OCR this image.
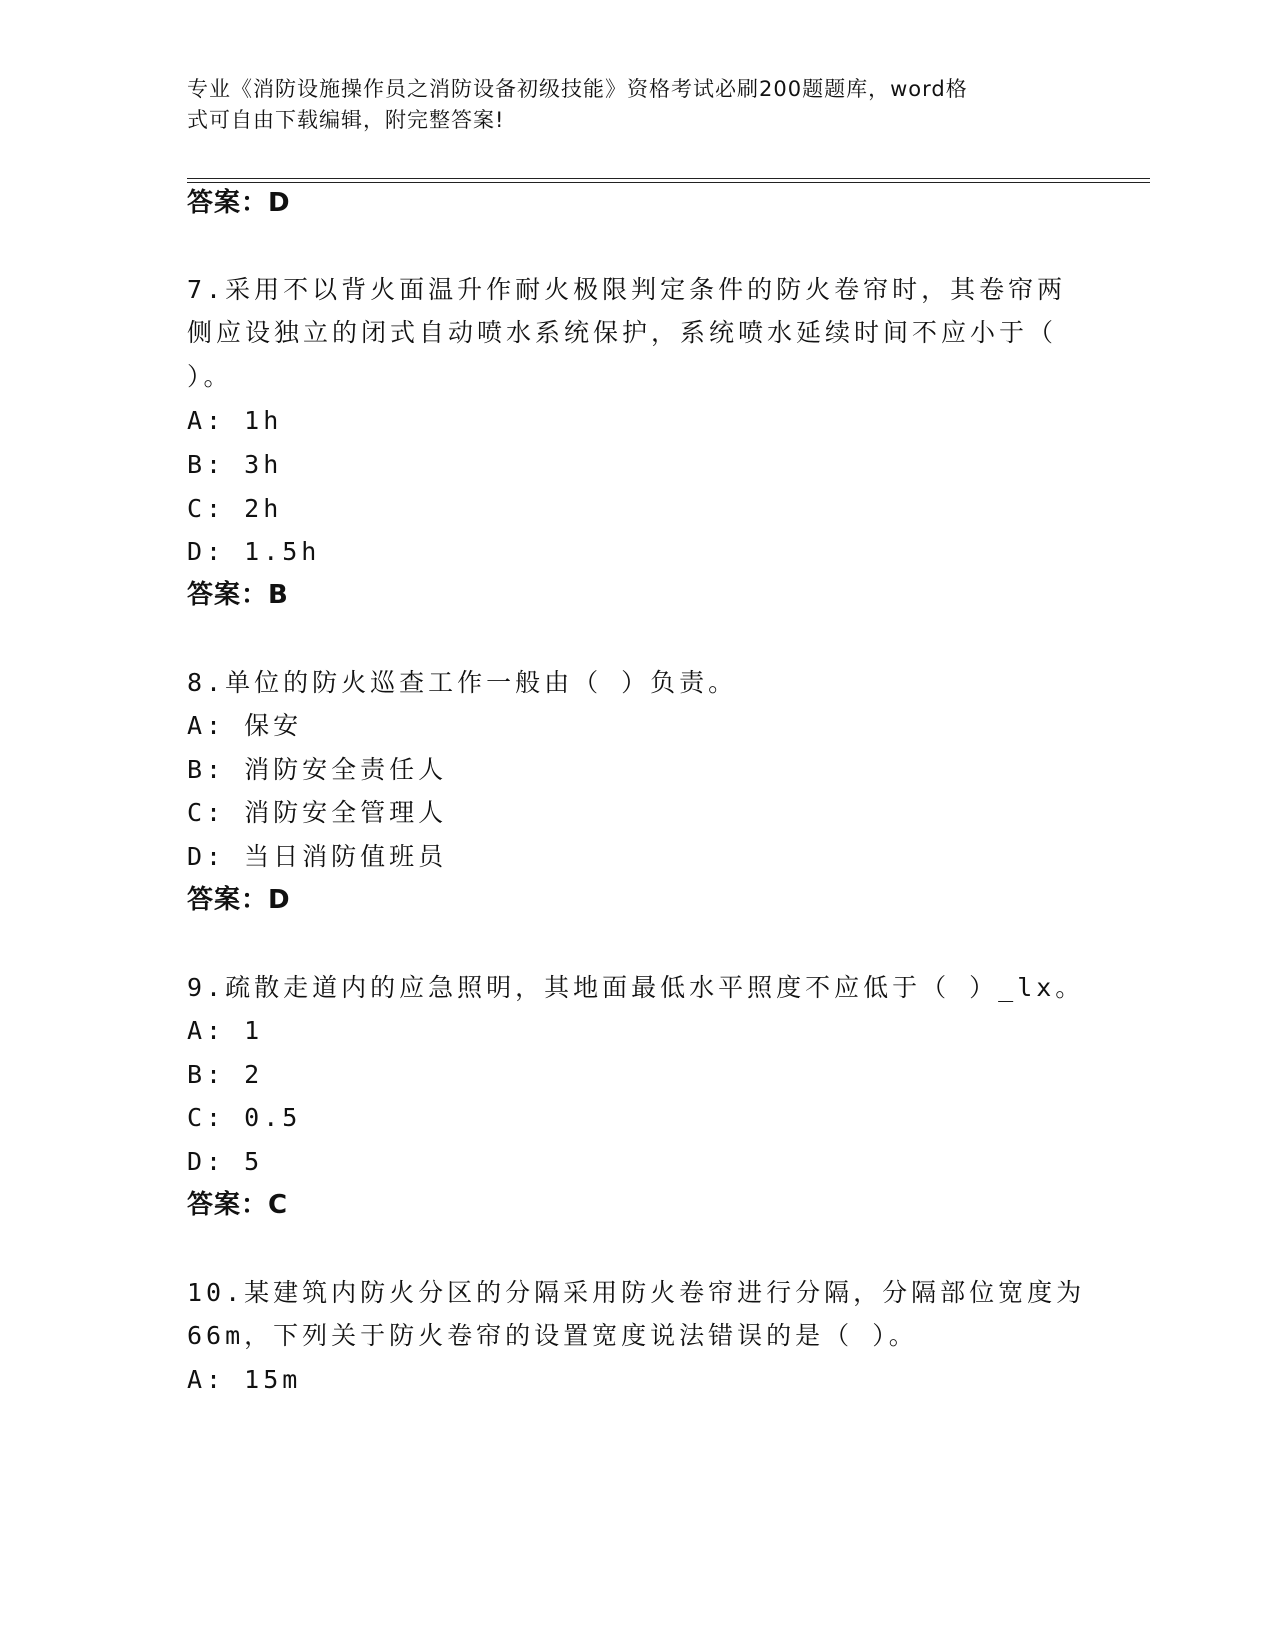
专业《消防设施操作员之消防设备初级技能》资格考试必刷200题题库，word格
式可自由下载编辑，附完整答案!
答案：D
7.采用不以背火面温升作耐火极限判定条件的防火卷帘时，其卷帘两
侧应设独立的闭式自动喷水系统保护，系统喷水延续时间不应小于（
）。
A: 1h
B: 3h
C: 2h
D: 1.5h
答案：B
8.单位的防火巡查工作一般由（ ）负责。
A: 保安
B: 消防安全责任人
C: 消防安全管理人
D: 当日消防值班员
答案：D
9.疏散走道内的应急照明，其地面最低水平照度不应低于（ ）_lx。
A: 1
B: 2
C: 0.5
D: 5
答案：C
10.某建筑内防火分区的分隔采用防火卷帘进行分隔，分隔部位宽度为
66m，下列关于防火卷帘的设置宽度说法错误的是（ ）。
A: 15m
